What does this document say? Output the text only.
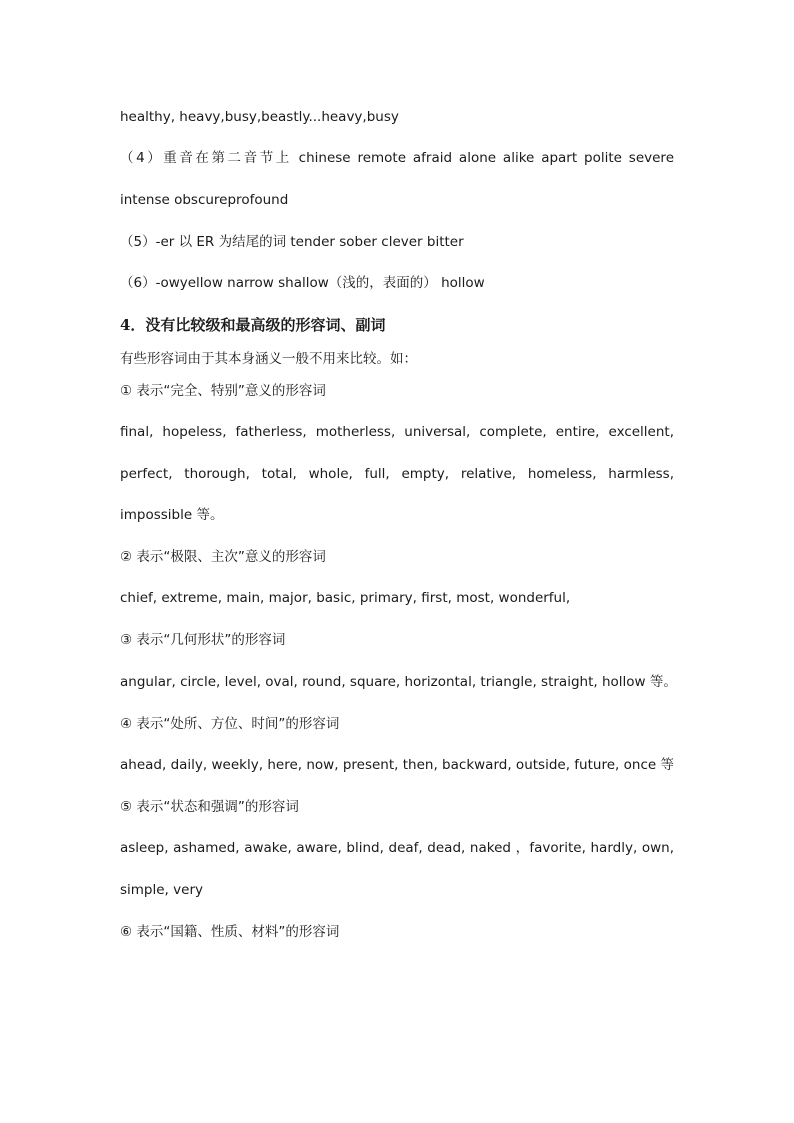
healthy, heavy,busy,beastly...heavy,busy
（4）重音在第二音节上 chinese remote afraid alone alike apart polite severe
intense obscureprofound
（5）-er 以 ER 为结尾的词 tender sober clever bitter
（6）-owyellow narrow shallow（浅的，表面的） hollow
4．没有比较级和最高级的形容词、副词
有些形容词由于其本身涵义一般不用来比较。如：
① 表示“完全、特别”意义的形容词
final, hopeless, fatherless, motherless, universal, complete, entire, excellent,
perfect, thorough, total, whole, full, empty, relative, homeless, harmless,
impossible 等。
② 表示“极限、主次”意义的形容词
chief, extreme, main, major, basic, primary, first, most, wonderful,
③ 表示“几何形状”的形容词
angular, circle, level, oval, round, square, horizontal, triangle, straight, hollow 等。
④ 表示“处所、方位、时间”的形容词
ahead, daily, weekly, here, now, present, then, backward, outside, future, once 等
⑤ 表示“状态和强调”的形容词
asleep, ashamed, awake, aware, blind, deaf, dead, naked ，favorite, hardly, own,
simple, very
⑥ 表示“国籍、性质、材料”的形容词
